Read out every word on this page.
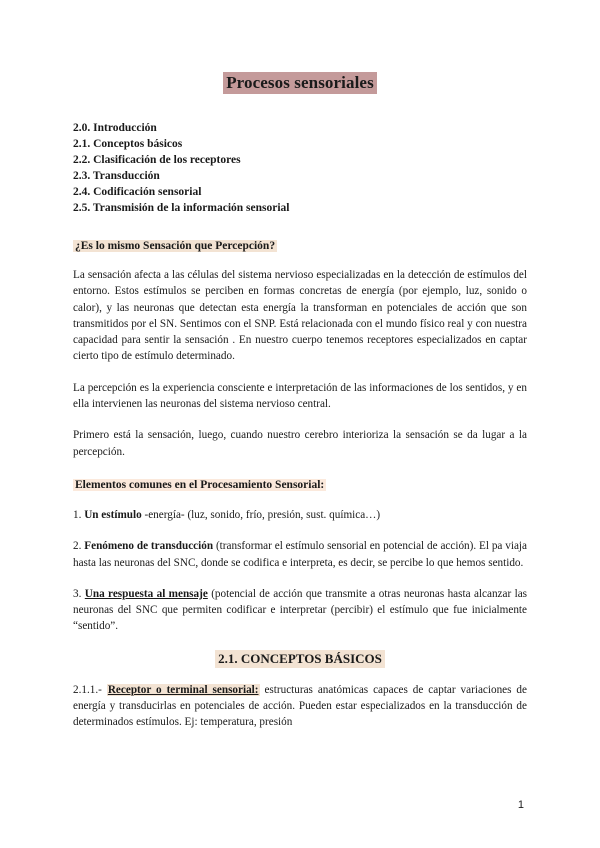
Procesos sensoriales
2.0. Introducción
2.1. Conceptos básicos
2.2. Clasificación de los receptores
2.3. Transducción
2.4. Codificación sensorial
2.5. Transmisión de la información sensorial
¿Es lo mismo Sensación que Percepción?

La sensación afecta a las células del sistema nervioso especializadas en la detección de estímulos del entorno. Estos estímulos se perciben en formas concretas de energía (por ejemplo, luz, sonido o calor), y las neuronas que detectan esta energía la transforman en potenciales de acción que son transmitidos por el SN. Sentimos con el SNP. Está relacionada con el mundo físico real y con nuestra capacidad para sentir la sensación . En nuestro cuerpo tenemos receptores especializados en captar cierto tipo de estímulo determinado.

La percepción es la experiencia consciente e interpretación de las informaciones de los sentidos, y en ella intervienen las neuronas del sistema nervioso central.

Primero está la sensación, luego, cuando nuestro cerebro interioriza la sensación se da lugar a la percepción.

Elementos comunes en el Procesamiento Sensorial:

1. Un estímulo -energía- (luz, sonido, frío, presión, sust. química…)

2. Fenómeno de transducción (transformar el estímulo sensorial en potencial de acción). El pa viaja hasta las neuronas del SNC, donde se codifica e interpreta, es decir, se percibe lo que hemos sentido.

3. Una respuesta al mensaje (potencial de acción que transmite a otras neuronas hasta alcanzar las neuronas del SNC que permiten codificar e interpretar (percibir) el estímulo que fue inicialmente “sentido”.

2.1. CONCEPTOS BÁSICOS

2.1.1.- Receptor o terminal sensorial: estructuras anatómicas capaces de captar variaciones de energía y transducirlas en potenciales de acción. Pueden estar especializados en la transducción de determinados estímulos. Ej: temperatura, presión

1
